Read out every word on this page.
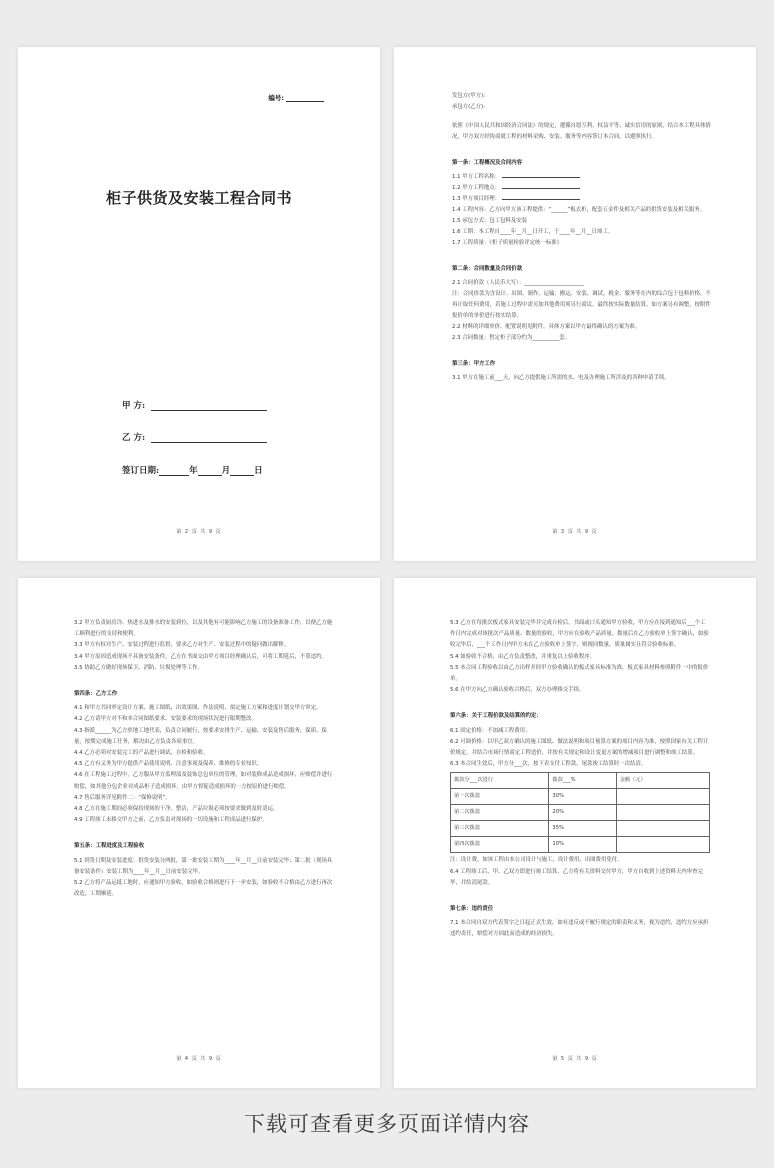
编号:
柜子供货及安装工程合同书
甲 方:
乙 方:
签订日期:	年	月	日
第 2 页 共 9 页

发包方(甲方):

承包方(乙方):

依照《中国人民共和国经济合同法》的规定，遵循自愿互利、权益平等、诚实信用的原则，结合本工程具体情况，甲方双方经协商就工程的材料采购、安装、服务等内容签订本合同，以遵照执行。

第一条：工程概况及合同内容

1.1 甲方工程名称：

1.2 甲方工程地点：

1.3 甲方项目经理：

1.4 工程内容：乙方向甲方该工程提供：“______”板式柜，配套五金件及相关产品的供货安装及相关服务。

1.5 承包方式：包工包料及安装

1.6 工期：本工程自____年__月__日开工，于____年__月__日竣工。

1.7 工程质量：《柜子质量检验评定统一标准》

第二条：合同数量及合同价款

2.1 合同价款（人民币大写）：______________________

注：合同价款为含设计、出图、制作、运输、搬运、安装、调试、税金、服务等在内的综合包干包料价格，不再计取任何费用，若施工过程中需另加其他费用须另行商议，最终按实际数量结算，如方案另有调整，按附件报价单的单价进行按实结算。

2.2 材料的详细单价、配置说明见附件，具体方案以甲方最终确认的方案为准。

2.3 合同数量：暂定柜子部分约为__________套。

第三条：甲方工作

3.1 甲方在施工前___天，向乙方提供施工所需的水、电及办理施工所涉及的各种申请手续。

第 3 页 共 9 页

3.2 甲方负责厨房冷、热进水及排水的安装到位，以及其他有可能影响乙方施工的设备准备工作，以便乙方施工顺利进行的支持和便利。

3.3 甲方有权对生产、安装过程进行监督，要求乙方对生产、安装过程中的疑问做出解释。

3.4 甲方原因造成现场不具备安装条件，乙方在书面交由甲方项目经理确认后，可将工期延后，不算违约。

3.5 协助乙方做好现场保卫、消防、垃圾处理等工作。

第四条：乙方工作

4.1 和甲方共同审定设计方案、施工图纸、出效果图、作法说明、拟定施工方案和进度计划交甲方审定。

4.2 乙方请甲方对不和本合同图纸要求、安装要求的现场状况进行限期整改。

4.3 指派______为乙方驻地工地代表，负责合同履行，按要求安排生产、运输、安装及售后服务，保质、保量，按期完成施工任务，解决由乙方负责各项事宜。

4.4 乙方必须对安装完工的产品进行调试、自检和验收。

4.5 乙方有义务为甲方提供产品使用说明、注意事项及保养、维修的专业知识。

4.6 在工程施工过程中，乙方服从甲方监理部及装饰总包单位的管理，如对装修成品造成损坏，应赔偿并进行赔偿，如其他分包企业对成品柜子造成损坏，由甲方督促造成损坏的一方按原价进行赔偿。

4.7 售后服务详见附件二：“保修说明”。

4.8 乙方在施工期间必须保持现场的干净、整洁，产品垃圾必须按要求做到及时清运。

4.9 工程竣工未移交甲方之前，乙方负责对现场的一切设施和工程成品进行保护。

第五条：工程进度及工程验收

5.1 到货日期及安装进度：供货安装分两批，第一批安装工期为____年__月__日前安装完毕；第二批（现场具备安装条件）安装工期为____年__月__日前安装完毕。

5.2 乙方将产品运抵工地时，应通知甲方验收，如验收合格则进行下一步安装，如验收不合格由乙方进行再次改造，工期顺延。

第 4 页 共 9 页

5.3 乙方在每批次板式家具安装完毕并完成自检后，书面或口头通知甲方验收，甲方应在接到通知后___个工作日内完成对该批次产品质量、数量的验收，甲方应在验收产品质量、数量后在乙方验收单上签字确认，如验收完毕后，___个工作日内甲方未在乙方验收单上签字，则视同数量、质量属实且符合验收标准。

5.4 如验收不合格，由乙方负责整改，并重复以上验收程序。

5.5 本合同工程验收以由乙方出样并经甲方验收确认的板式家具标准为准，板式家具材料参照附件一中的报价单。

5.6 在甲方向乙方确认验收合格后，双方办理移交手续。

第六条：关于工程价款及结算的约定：

6.1 固定价格：不加减工程费用；

6.2 可调价格：以甲乙双方确认的施工图纸、做法说明和项目预算方案的项目内容为准，按照国家有关工程计价规定，并结合市场行情商定工程造价，并按有关规定和设计变更方案的增减项目进行调整和竣工结算。

6.3 本合同生效后，甲方分___次，按下表支付工程款，尾款竣工结算时一次结清。

拨款分___次进行	拨款___%	金额（元）
第一次拨款	30%	
第二次拨款	20%	
第三次拨款	35%	
第四次拨款	10%	

注：设计费，如该工程由本公司设计与施工，设计费用、出图费用免付。

6.4 工程竣工后，甲、乙双方即进行竣工结算，乙方将有关资料交付甲方，甲方自收到上述资料天内审查完毕，并结清尾款。

第七条：违约责任

7.1 本合同自双方代表签字之日起正式生效，如有违反或不履行规定的职责和义务，视为违约，违约方应承担违约责任，赔偿对方因此而造成的经济损失。

第 5 页 共 9 页
下载可查看更多页面详情内容
